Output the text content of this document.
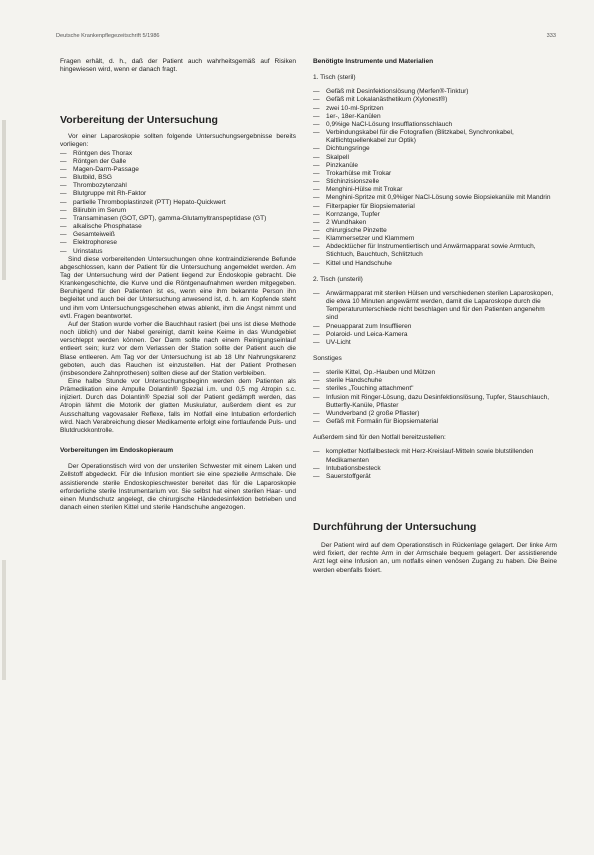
Deutsche Krankenpflegezeitschrift 5/1986	333

Fragen erhält, d. h., daß der Patient auch wahrheitsgemäß auf Risiken hingewiesen wird, wenn er danach fragt.

Vorbereitung der Untersuchung

Vor einer Laparoskopie sollten folgende Untersuchungsergebnisse bereits vorliegen:

— Röntgen des Thorax
— Röntgen der Galle
— Magen-Darm-Passage
— Blutbild, BSG
— Thrombozytenzahl
— Blutgruppe mit Rh-Faktor
— partielle Thromboplastinzeit (PTT) Hepato-Quickwert
— Bilirubin im Serum
— Transaminasen (GOT, GPT), gamma-Glutamyltranspeptidase (GT)
— alkalische Phosphatase
— Gesamteiweiß
— Elektrophorese
— Urinstatus

Sind diese vorbereitenden Untersuchungen ohne kontraindizierende Befunde abgeschlossen, kann der Patient für die Untersuchung angemeldet werden. Am Tag der Untersuchung wird der Patient liegend zur Endoskopie gebracht. Die Krankengeschichte, die Kurve und die Röntgenaufnahmen werden mitgegeben. Beruhigend für den Patienten ist es, wenn eine ihm bekannte Person ihn begleitet und auch bei der Untersuchung anwesend ist, d. h. am Kopfende steht und ihm vom Untersuchungsgeschehen etwas ablenkt, ihm die Angst nimmt und evtl. Fragen beantwortet.

Auf der Station wurde vorher die Bauchhaut rasiert (bei uns ist diese Methode noch üblich) und der Nabel gereinigt, damit keine Keime in das Wundgebiet verschleppt werden können. Der Darm sollte nach einem Reinigungseinlauf entleert sein; kurz vor dem Verlassen der Station sollte der Patient auch die Blase entleeren. Am Tag vor der Untersuchung ist ab 18 Uhr Nahrungskarenz geboten, auch das Rauchen ist einzustellen. Hat der Patient Prothesen (insbesondere Zahnprothesen) sollten diese auf der Station verbleiben.

Eine halbe Stunde vor Untersuchungsbeginn werden dem Patienten als Prämedikation eine Ampulle Dolantin® Spezial i.m. und 0,5 mg Atropin s.c. injiziert. Durch das Dolantin® Spezial soll der Patient gedämpft werden, das Atropin lähmt die Motorik der glatten Muskulatur, außerdem dient es zur Ausschaltung vagovasaler Reflexe, falls im Notfall eine Intubation erforderlich wird. Nach Verabreichung dieser Medikamente erfolgt eine fortlaufende Puls- und Blutdruckkontrolle.

Vorbereitungen im Endoskopieraum

Der Operationstisch wird von der unsterilen Schwester mit einem Laken und Zellstoff abgedeckt. Für die Infusion montiert sie eine spezielle Armschale. Die assistierende sterile Endoskopieschwester bereitet das für die Laparoskopie erforderliche sterile Instrumentarium vor. Sie selbst hat einen sterilen Haar- und einen Mundschutz angelegt, die chirurgische Händedesinfektion betrieben und danach einen sterilen Kittel und sterile Handschuhe angezogen.

Benötigte Instrumente und Materialien

1. Tisch (steril)

— Gefäß mit Desinfektionslösung (Merfen®-Tinktur)
— Gefäß mit Lokalanästhetikum (Xylonest®)
— zwei 10-ml-Spritzen
— 1er-, 18er-Kanülen
— 0,9%ige NaCl-Lösung Insufflationsschlauch
— Verbindungskabel für die Fotografien (Blitzkabel, Synchronkabel, Kaltlichtquellenkabel zur Optik)
— Dichtungsringe
— Skalpell
— Pinzkanüle
— Trokarhülse mit Trokar
— Stichinzisionszelle
— Menghini-Hülse mit Trokar
— Menghini-Spritze mit 0,9%iger NaCl-Lösung sowie Biopsiekanüle mit Mandrin
— Filterpapier für Biopsiematerial
— Kornzange, Tupfer
— 2 Wundhaken
— chirurgische Pinzette
— Klammersetzer und Klammern
— Abdecktücher für Instrumentiertisch und Anwärmapparat sowie Armtuch, Stichtuch, Bauchtuch, Schlitztuch
— Kittel und Handschuhe

2. Tisch (unsteril)

— Anwärmapparat mit sterilen Hülsen und verschiedenen sterilen Laparoskopen, die etwa 10 Minuten angewärmt werden, damit die Laparoskope durch die Temperaturunterschiede nicht beschlagen und für den Patienten angenehm sind
— Pneuapparat zum Insufflieren
— Polaroid- und Leica-Kamera
— UV-Licht

Sonstiges

— sterile Kittel, Op.-Hauben und Mützen
— sterile Handschuhe
— steriles „Touching attachment"
— Infusion mit Ringer-Lösung, dazu Desinfektionslösung, Tupfer, Stauschlauch, Butterfly-Kanüle, Pflaster
— Wundverband (2 große Pflaster)
— Gefäß mit Formalin für Biopsiematerial

Außerdem sind für den Notfall bereitzustellen:

— kompletter Notfallbesteck mit Herz-Kreislauf-Mitteln sowie blutstillenden Medikamenten
— Intubationsbesteck
— Sauerstoffgerät
Durchführung der Untersuchung

Der Patient wird auf dem Operationstisch in Rückenlage gelagert. Der linke Arm wird fixiert, der rechte Arm in der Armschale bequem gelagert. Der assistierende Arzt legt eine Infusion an, um notfalls einen venösen Zugang zu haben. Die Beine werden ebenfalls fixiert.
